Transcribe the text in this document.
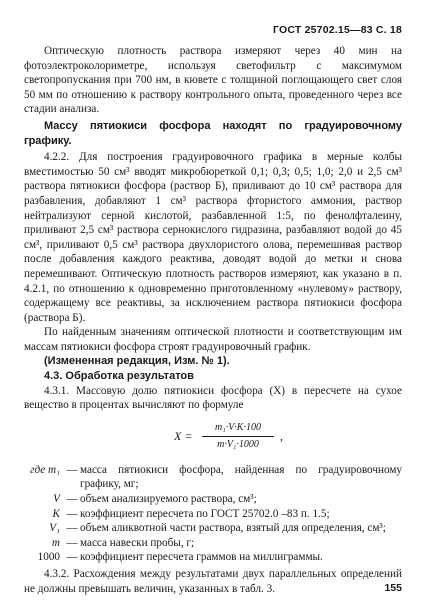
ГОСТ 25702.15—83 С. 18

Оптическую плотность раствора измеряют через 40 мин на фотоэлектроколориметре, используя светофильтр с максимумом светопропускания при 700 нм, в кювете с толщиной поглощающего свет слоя 50 мм по отношению к раствору контрольного опыта, проведенного через все стадии анализа.

Массу пятиокиси фосфора находят по градуировочному графику.

4.2.2. Для построения градуировочного графика в мерные колбы вместимостью 50 см³ вводят микробюреткой 0,1; 0,3; 0,5; 1,0; 2,0 и 2,5 см³ раствора пятиокиси фосфора (раствор Б), приливают до 10 см³ раствора для разбавления, добавляют 1 см³ раствора фтористого аммония, раствор нейтрализуют серной кислотой, разбавленной 1:5, по фенолфталеину, приливают 2,5 см³ раствора сернокислого гидразина, разбавляют водой до 45 см³, приливают 0,5 см³ раствора двухлористого олова, перемешивая раствор после добавления каждого реактива, доводят водой до метки и снова перемешивают. Оптическую плотность растворов измеряют, как указано в п. 4.2.1, по отношению к одновременно приготовленному «нулевому» раствору, содержащему все реактивы, за исключением раствора пятиокиси фосфора (раствора Б).

По найденным значениям оптической плотности и соответствующим им массам пятиокиси фосфора строят градуировочный график.

(Измененная редакция, Изм. № 1).

4.3. Обработка результатов

4.3.1. Массовую долю пятиокиси фосфора (X) в пересчете на сухое вещество в процентах вычисляют по формуле

$X = \frac{\text{m₁·V·K·100}}{\text{m·V₁·1000}}$ ,
где m₁ — масса пятиокиси фосфора, найденная по градуировочному графику, мг;
V — объем анализируемого раствора, см³;
K — коэффициент пересчета по ГОСТ 25702.0 –83 п. 1.5;
V₁ — объем аликвотной части раствора, взятый для определения, см³;
m — масса навески пробы, г;
1000 — коэффициент пересчета граммов на миллиграммы.

4.3.2. Расхождения между результатами двух параллельных определений не должны превышать величин, указанных в табл. 3.	155
